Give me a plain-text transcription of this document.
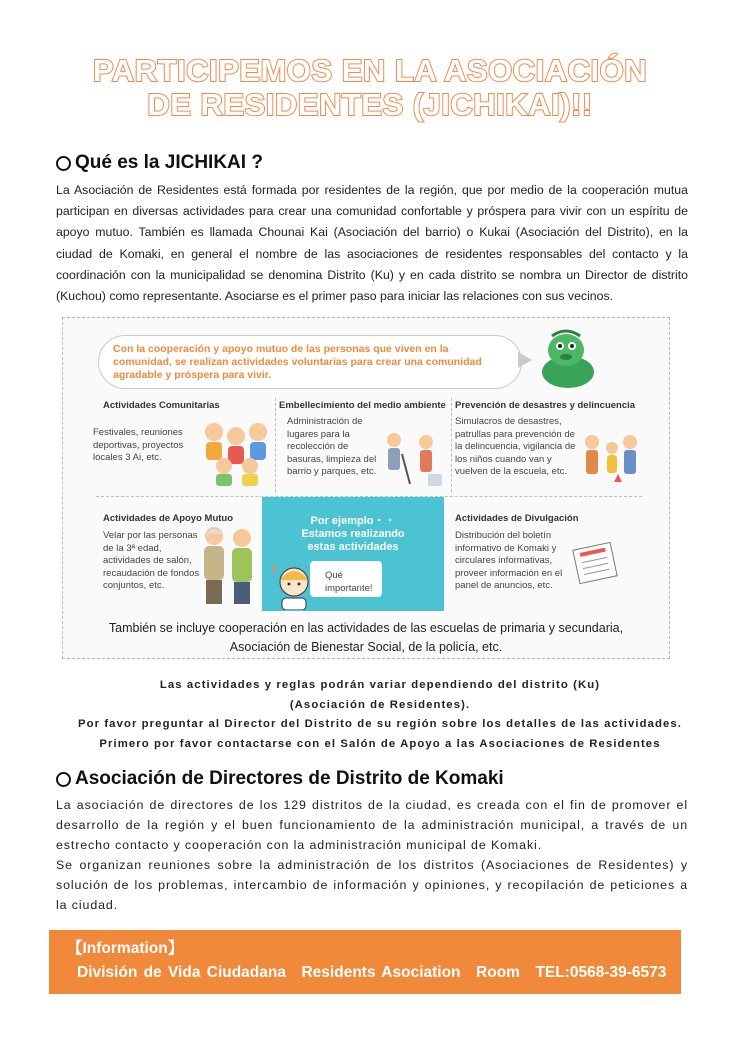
PARTICIPEMOS EN LA ASOCIACIÓN
DE RESIDENTES (JICHIKAI)!!
Qué es la JICHIKAI ?
La Asociación de Residentes está formada por residentes de la región, que por medio de la cooperación mutua participan en diversas actividades para crear una comunidad confortable y próspera para vivir con un espíritu de apoyo mutuo. También es llamada Chounai Kai (Asociación del barrio) o Kukai (Asociación del Distrito), en la ciudad de Komaki, en general el nombre de las asociaciones de residentes responsables del contacto y la coordinación con la municipalidad se denomina Distrito (Ku) y en cada distrito se nombra un Director de distrito (Kuchou) como representante. Asociarse es el primer paso para iniciar las relaciones con sus vecinos.
Con la cooperación y apoyo mutuo de las personas que viven en la comunidad, se realizan actividades voluntarias para crear una comunidad agradable y próspera para vivir.
Actividades Comunitarias
Festivales, reuniones deportivas, proyectos locales 3 Ai, etc.
Embellecimiento del medio ambiente
Administración de lugares para la recolección de basuras, limpieza del barrio y parques, etc.
Prevención de desastres y delincuencia
Simulacros de desastres, patrullas para prevención de la delincuencia, vigilancia de los niños cuando van y vuelven de la escuela, etc.
Actividades de Apoyo Mutuo
Velar por las personas de la 3ª edad, actividades de salón, recaudación de fondos conjuntos, etc.
Por ejemplo・・
Estamos realizando
estas actividades
!	Qué
importante!
Actividades de Divulgación
Distribución del boletín informativo de Komaki y circulares informativas, proveer información en el panel de anuncios, etc.
También se incluye cooperación en las actividades de las escuelas de primaria y secundaria,
Asociación de Bienestar Social, de la policía, etc.
Las actividades y reglas podrán variar dependiendo del distrito (Ku)
(Asociación de Residentes).
Por favor preguntar al Director del Distrito de su región sobre los detalles de las actividades.
Primero por favor contactarse con el Salón de Apoyo a las Asociaciones de Residentes
Asociación de Directores de Distrito de Komaki
La asociación de directores de los 129 distritos de la ciudad, es creada con el fin de promover el desarrollo de la región y el buen funcionamiento de la administración municipal, a través de un estrecho contacto y cooperación con la administración municipal de Komaki.
Se organizan reuniones sobre la administración de los distritos (Asociaciones de Residentes) y solución de los problemas, intercambio de información y opiniones, y recopilación de peticiones a la ciudad.
【Information】
División de Vida Ciudadana　Residents Asociation　Room　TEL:0568-39-6573
